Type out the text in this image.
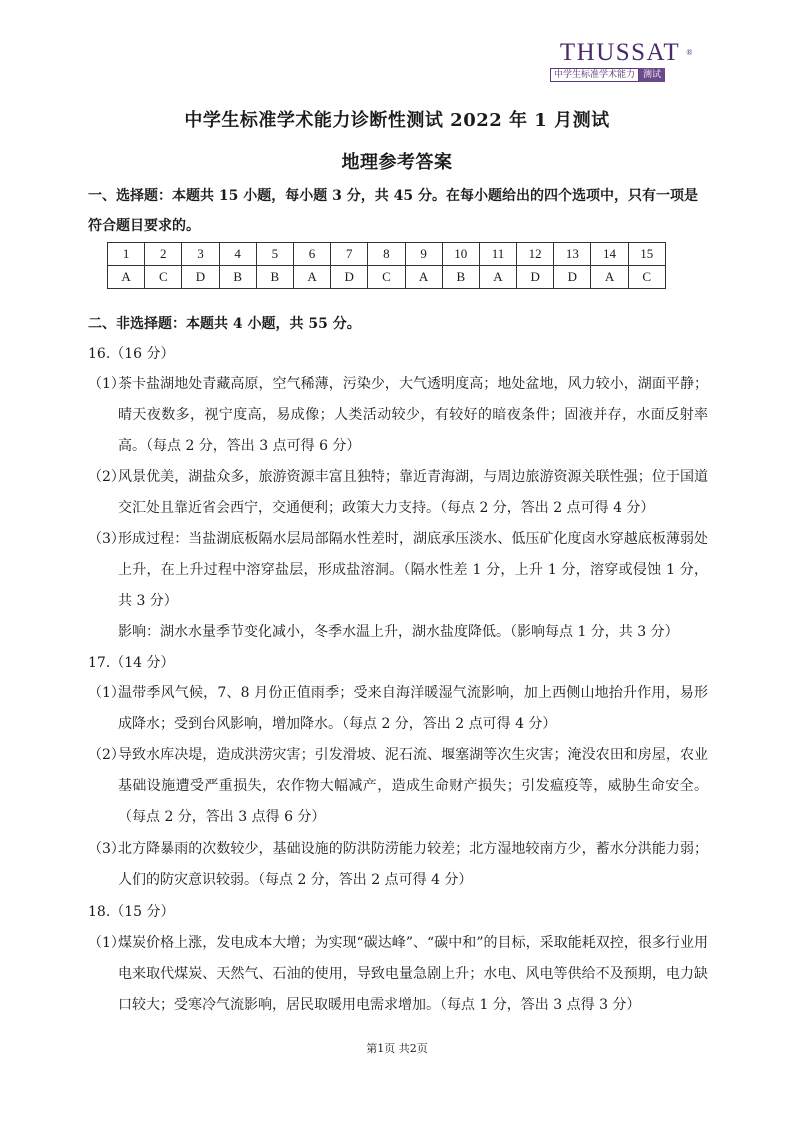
THUSSAT ®
中学生标准学术能力 测试
中学生标准学术能力诊断性测试 2022 年 1 月测试
地理参考答案
一、选择题：本题共 15 小题，每小题 3 分，共 45 分。在每小题给出的四个选项中，只有一项是符合题目要求的。
1	2	3	4	5	6	7	8	9	10	11	12	13	14	15
A	C	D	B	B	A	D	C	A	B	A	D	D	A	C
二、非选择题：本题共 4 小题，共 55 分。
16.（16 分）
（1）
茶卡盐湖地处青藏高原，空气稀薄，污染少，大气透明度高；地处盆地，风力较小，湖面平静；晴天夜数多，视宁度高，易成像；人类活动较少，有较好的暗夜条件；固液并存，水面反射率高。（每点 2 分，答出 3 点可得 6 分）
（2）
风景优美，湖盐众多，旅游资源丰富且独特；靠近青海湖，与周边旅游资源关联性强；位于国道交汇处且靠近省会西宁，交通便利；政策大力支持。（每点 2 分，答出 2 点可得 4 分）
（3）
形成过程：当盐湖底板隔水层局部隔水性差时，湖底承压淡水、低压矿化度卤水穿越底板薄弱处上升，在上升过程中溶穿盐层，形成盐溶洞。（隔水性差 1 分，上升 1 分，溶穿或侵蚀 1 分，共 3 分）
影响：湖水水量季节变化减小，冬季水温上升，湖水盐度降低。（影响每点 1 分，共 3 分）
17.（14 分）
（1）
温带季风气候，7、8 月份正值雨季；受来自海洋暖湿气流影响，加上西侧山地抬升作用，易形成降水；受到台风影响，增加降水。（每点 2 分，答出 2 点可得 4 分）
（2）
导致水库决堤，造成洪涝灾害；引发滑坡、泥石流、堰塞湖等次生灾害；淹没农田和房屋，农业基础设施遭受严重损失，农作物大幅减产，造成生命财产损失；引发瘟疫等，威胁生命安全。（每点 2 分，答出 3 点得 6 分）
（3）
北方降暴雨的次数较少，基础设施的防洪防涝能力较差；北方湿地较南方少，蓄水分洪能力弱；人们的防灾意识较弱。（每点 2 分，答出 2 点可得 4 分）
18.（15 分）
（1）
煤炭价格上涨，发电成本大增；为实现“碳达峰”、“碳中和”的目标，采取能耗双控，很多行业用电来取代煤炭、天然气、石油的使用，导致电量急剧上升；水电、风电等供给不及预期，电力缺口较大；受寒冷气流影响，居民取暖用电需求增加。（每点 1 分，答出 3 点得 3 分）
第1页 共2页
